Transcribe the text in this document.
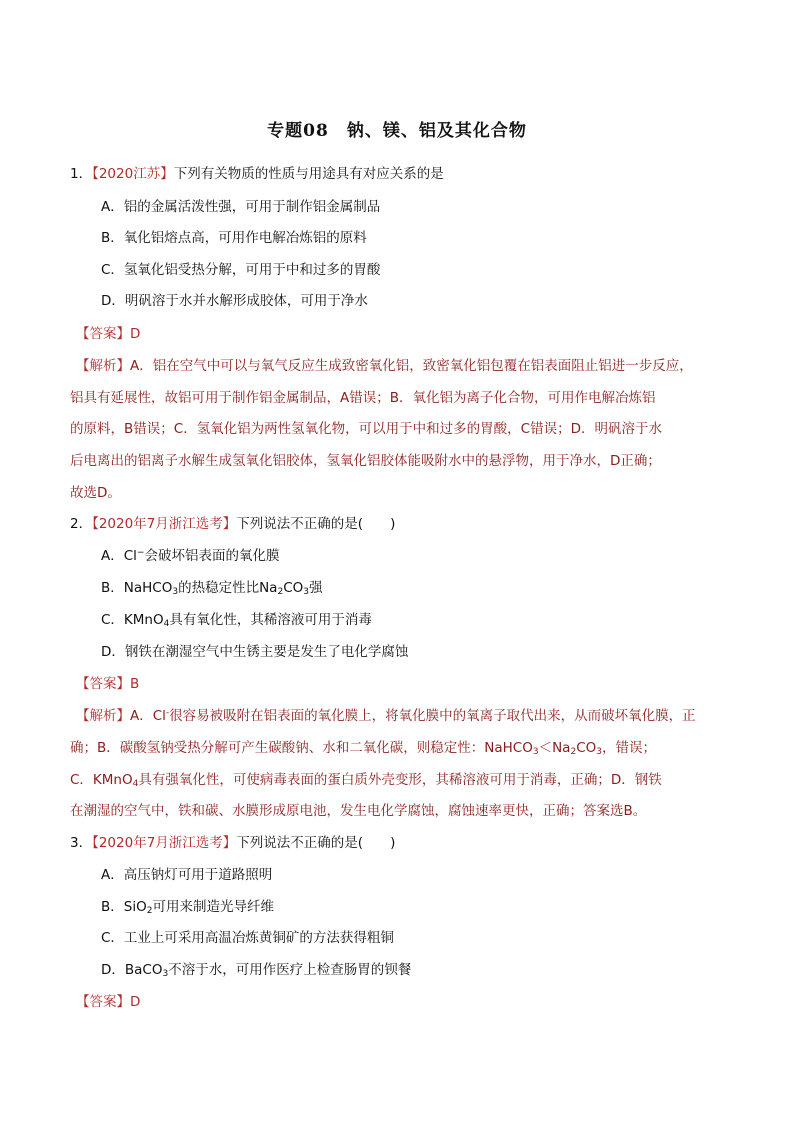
专题08　钠、镁、铝及其化合物
1．【2020江苏】下列有关物质的性质与用途具有对应关系的是
A．铝的金属活泼性强，可用于制作铝金属制品
B．氧化铝熔点高，可用作电解冶炼铝的原料
C．氢氧化铝受热分解，可用于中和过多的胃酸
D．明矾溶于水并水解形成胶体，可用于净水
【答案】D
【解析】A．铝在空气中可以与氧气反应生成致密氧化铝，致密氧化铝包覆在铝表面阻止铝进一步反应，
铝具有延展性，故铝可用于制作铝金属制品，A错误；B．氧化铝为离子化合物，可用作电解冶炼铝
的原料，B错误；C．氢氧化铝为两性氢氧化物，可以用于中和过多的胃酸，C错误；D．明矾溶于水
后电离出的铝离子水解生成氢氧化铝胶体，氢氧化铝胶体能吸附水中的悬浮物，用于净水，D正确；
故选D。
2．【2020年7月浙江选考】下列说法不正确的是(　　)
A．Cl−会破坏铝表面的氧化膜
B．NaHCO$_3$的热稳定性比$Na_2CO_3$强
C．KMnO$_4$具有氧化性，其稀溶液可用于消毒
D．钢铁在潮湿空气中生锈主要是发生了电化学腐蚀
【答案】B
【解析】A．Cl-很容易被吸附在铝表面的氧化膜上，将氧化膜中的氧离子取代出来，从而破坏氧化膜，正
确；B．碳酸氢钠受热分解可产生碳酸钠、水和二氧化碳，则稳定性：$NaHCO_3<Na_2CO_3$，错误；
C．KMnO$_4$具有强氧化性，可使病毒表面的蛋白质外壳变形，其稀溶液可用于消毒，正确；D．钢铁
在潮湿的空气中，铁和碳、水膜形成原电池，发生电化学腐蚀，腐蚀速率更快，正确；答案选B。
3．【2020年7月浙江选考】下列说法不正确的是(　　)
A．高压钠灯可用于道路照明
B．SiO$_2$可用来制造光导纤维
C．工业上可采用高温冶炼黄铜矿的方法获得粗铜
D．BaCO$_3$不溶于水，可用作医疗上检查肠胃的钡餐
【答案】D
